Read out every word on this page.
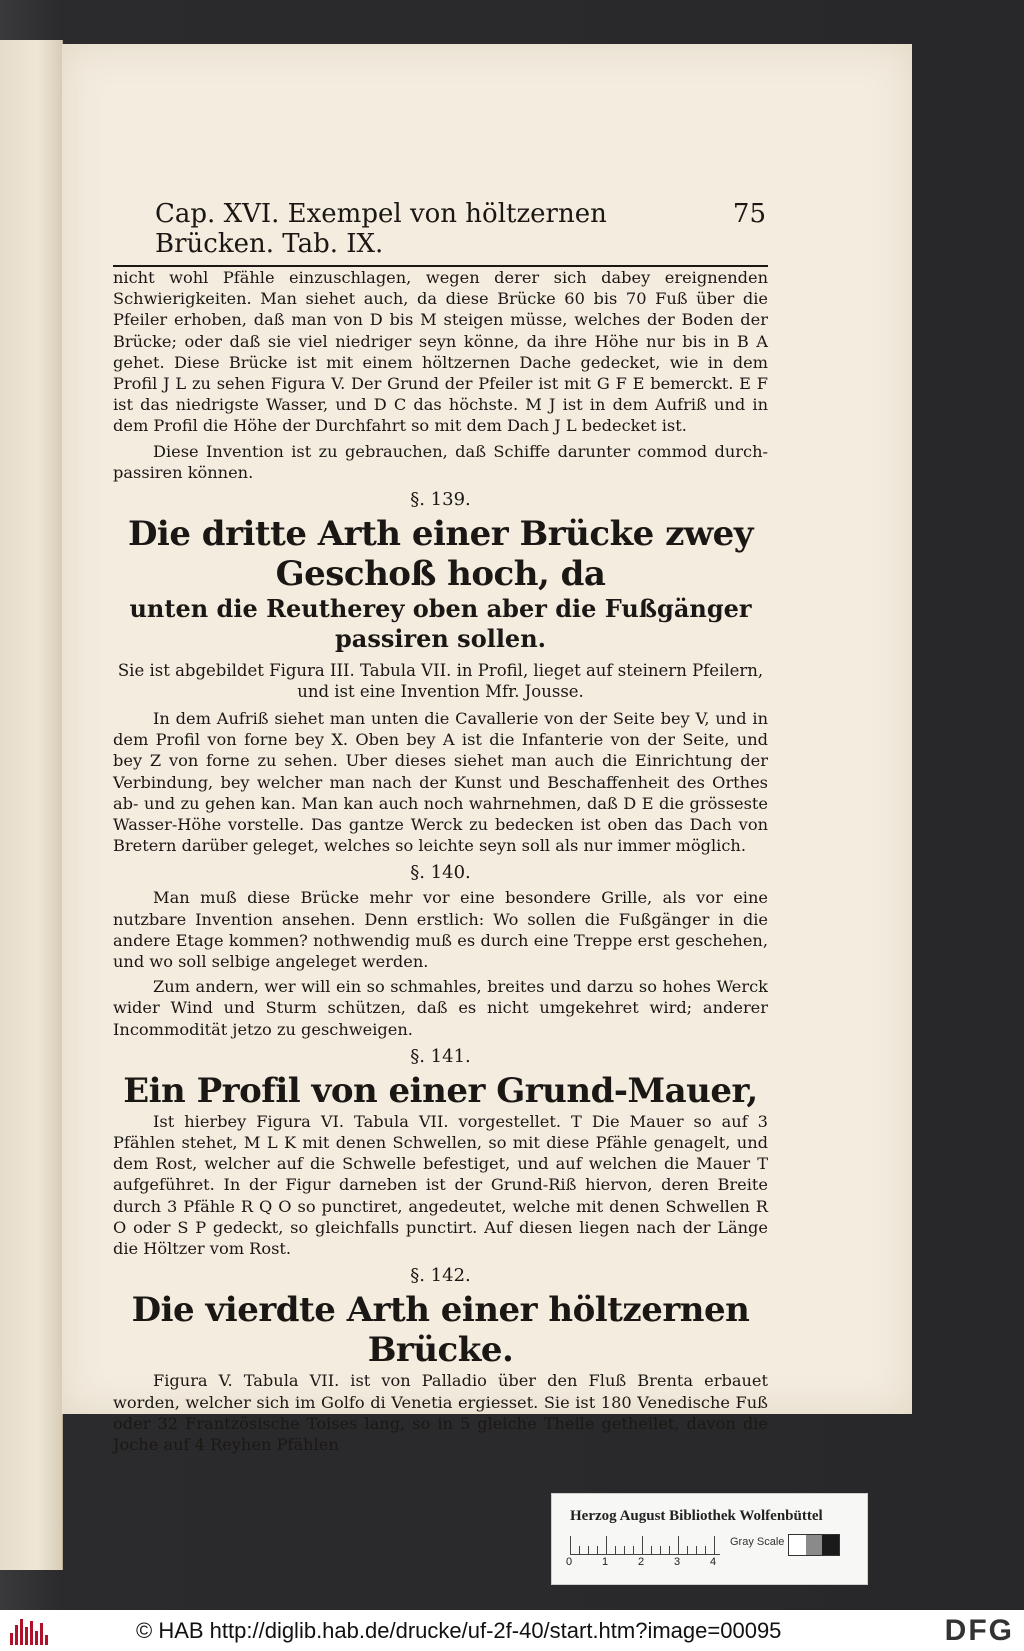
Cap. XVI. Exempel von höltzernen Brücken. Tab. IX.
75

nicht wohl Pfähle einzuschlagen, wegen derer sich dabey ereignenden Schwierigkeiten. Man siehet auch, da diese Brücke 60 bis 70 Fuß über die Pfeiler erhoben, daß man von D bis M steigen müsse, welches der Boden der Brücke; oder daß sie viel niedriger seyn könne, da ihre Höhe nur bis in B A gehet. Diese Brücke ist mit einem höltzernen Dache gedecket, wie in dem Profil J L zu sehen Figura V. Der Grund der Pfeiler ist mit G F E bemerckt. E F ist das niedrigste Wasser, und D C das höchste. M J ist in dem Aufriß und in dem Profil die Höhe der Durchfahrt so mit dem Dach J L bedecket ist.

Diese Invention ist zu gebrauchen, daß Schiffe darunter commod durch-passiren können.

§. 139.

Die dritte Arth einer Brücke zwey Geschoß hoch, da

unten die Reutherey oben aber die Fußgänger passiren sollen.

Sie ist abgebildet Figura III. Tabula VII. in Profil, lieget auf steinern Pfeilern, und ist eine Invention Mfr. Jousse.

In dem Aufriß siehet man unten die Cavallerie von der Seite bey V, und in dem Profil von forne bey X. Oben bey A ist die Infanterie von der Seite, und bey Z von forne zu sehen. Uber dieses siehet man auch die Einrichtung der Verbindung, bey welcher man nach der Kunst und Beschaffenheit des Orthes ab- und zu gehen kan. Man kan auch noch wahrnehmen, daß D E die grösseste Wasser-Höhe vorstelle. Das gantze Werck zu bedecken ist oben das Dach von Bretern darüber geleget, welches so leichte seyn soll als nur immer möglich.

§. 140.

Man muß diese Brücke mehr vor eine besondere Grille, als vor eine nutzbare Invention ansehen. Denn erstlich: Wo sollen die Fußgänger in die andere Etage kommen? nothwendig muß es durch eine Treppe erst geschehen, und wo soll selbige angeleget werden.

Zum andern, wer will ein so schmahles, breites und darzu so hohes Werck wider Wind und Sturm schützen, daß es nicht umgekehret wird; anderer Incommodität jetzo zu geschweigen.

§. 141.

Ein Profil von einer Grund-Mauer,

Ist hierbey Figura VI. Tabula VII. vorgestellet. T Die Mauer so auf 3 Pfählen stehet, M L K mit denen Schwellen, so mit diese Pfähle genagelt, und dem Rost, welcher auf die Schwelle befestiget, und auf welchen die Mauer T aufgeführet. In der Figur darneben ist der Grund-Riß hiervon, deren Breite durch 3 Pfähle R Q O so punctiret, angedeutet, welche mit denen Schwellen R O oder S P gedeckt, so gleichfalls punctirt. Auf diesen liegen nach der Länge die Höltzer vom Rost.

§. 142.

Die vierdte Arth einer höltzernen Brücke.

Figura V. Tabula VII. ist von Palladio über den Fluß Brenta erbauet worden, welcher sich im Golfo di Venetia ergiesset. Sie ist 180 Venedische Fuß oder 32 Frantzösische Toises lang, so in 5 gleiche Theile getheilet, davon die Joche auf 4 Reyhen Pfählen

Herzog August Bibliothek Wolfenbüttel
0	1	2	3	4
Gray Scale
© HAB http://diglib.hab.de/drucke/uf-2f-40/start.htm?image=00095	DFG
